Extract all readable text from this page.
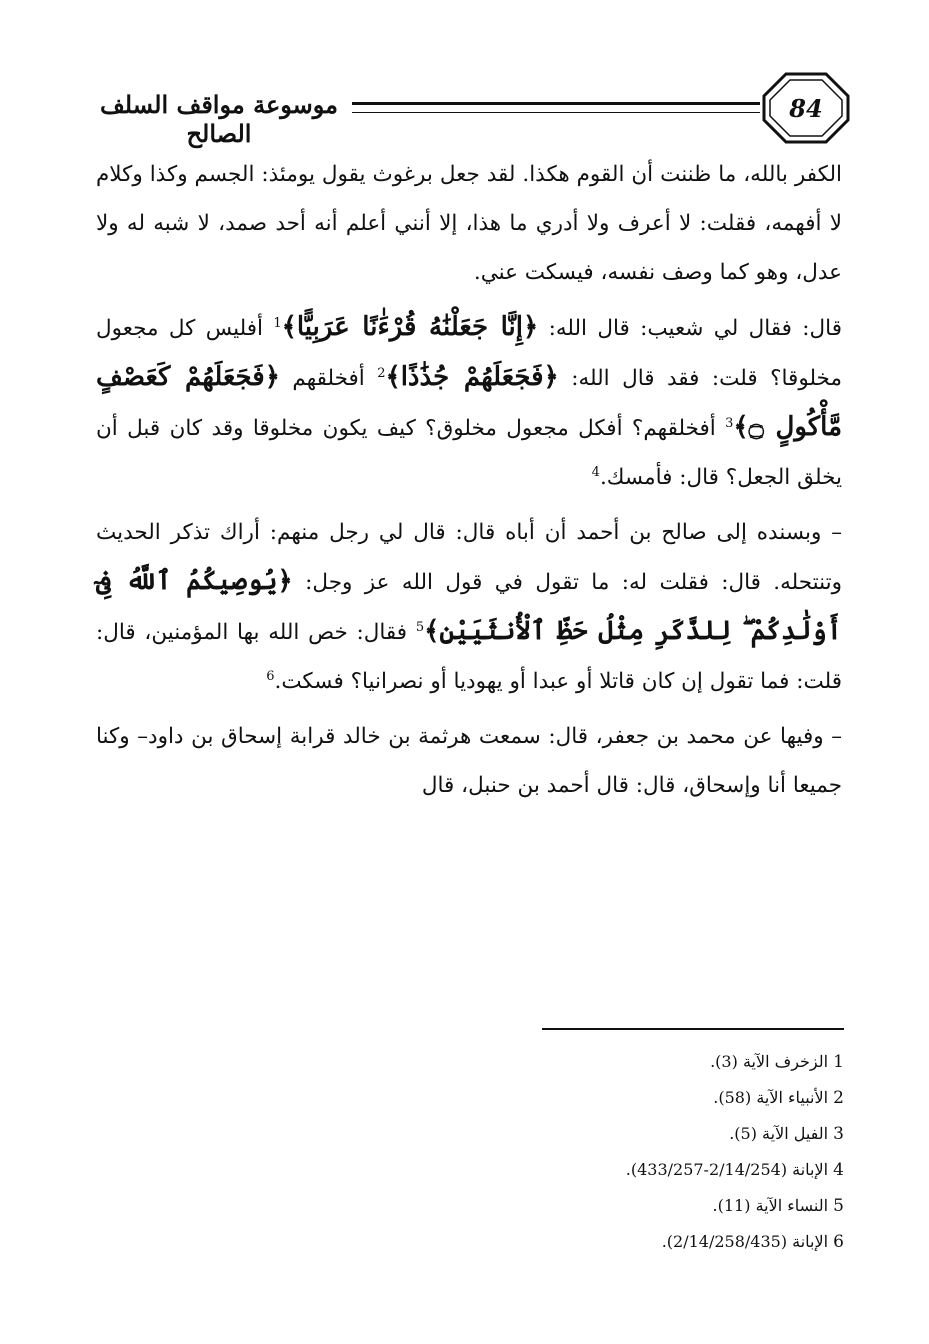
84
موسوعة مواقف السلف الصالح

الكفر بالله، ما ظننت أن القوم هكذا. لقد جعل برغوث يقول يومئذ: الجسم وكذا وكلام لا أفهمه، فقلت: لا أعرف ولا أدري ما هذا، إلا أنني أعلم أنه أحد صمد، لا شبه له ولا عدل، وهو كما وصف نفسه، فيسكت عني.

قال: فقال لي شعيب: قال الله: ﴿إِنَّا جَعَلْنَٰهُ قُرْءَٰنًا عَرَبِيًّا﴾$^1$ أفليس كل مجعول مخلوقا؟ قلت: فقد قال الله: ﴿فَجَعَلَهُمْ جُذَٰذًا﴾$^2$ أفخلقهم ﴿فَجَعَلَهُمْ كَعَصْفٍ مَّأْكُولٍ ۝﴾$^3$ أفخلقهم؟ أفكل مجعول مخلوق؟ كيف يكون مخلوقا وقد كان قبل أن يخلق الجعل؟ قال: فأمسك.$^4$

– وبسنده إلى صالح بن أحمد أن أباه قال: قال لي رجل منهم: أراك تذكر الحديث وتنتحله. قال: فقلت له: ما تقول في قول الله عز وجل: ﴿يُوصِيكُمُ ٱللَّهُ فِىٓ أَوْلَٰدِكُمْ ۖ لِلذَّكَرِ مِثْلُ حَظِّ ٱلْأُنثَيَيْنِ﴾$^5$ فقال: خص الله بها المؤمنين، قال: قلت: فما تقول إن كان قاتلا أو عبدا أو يهوديا أو نصرانيا؟ فسكت.$^6$

– وفيها عن محمد بن جعفر، قال: سمعت هرثمة بن خالد قرابة إسحاق بن داود– وكنا جميعا أنا وإسحاق، قال: قال أحمد بن حنبل، قال

1 الزخرف الآية (3).
2 الأنبياء الآية (58).
3 الفيل الآية (5).
4 الإبانة (2/14/254-433/257).
5 النساء الآية (11).
6 الإبانة (2/14/258/435).
